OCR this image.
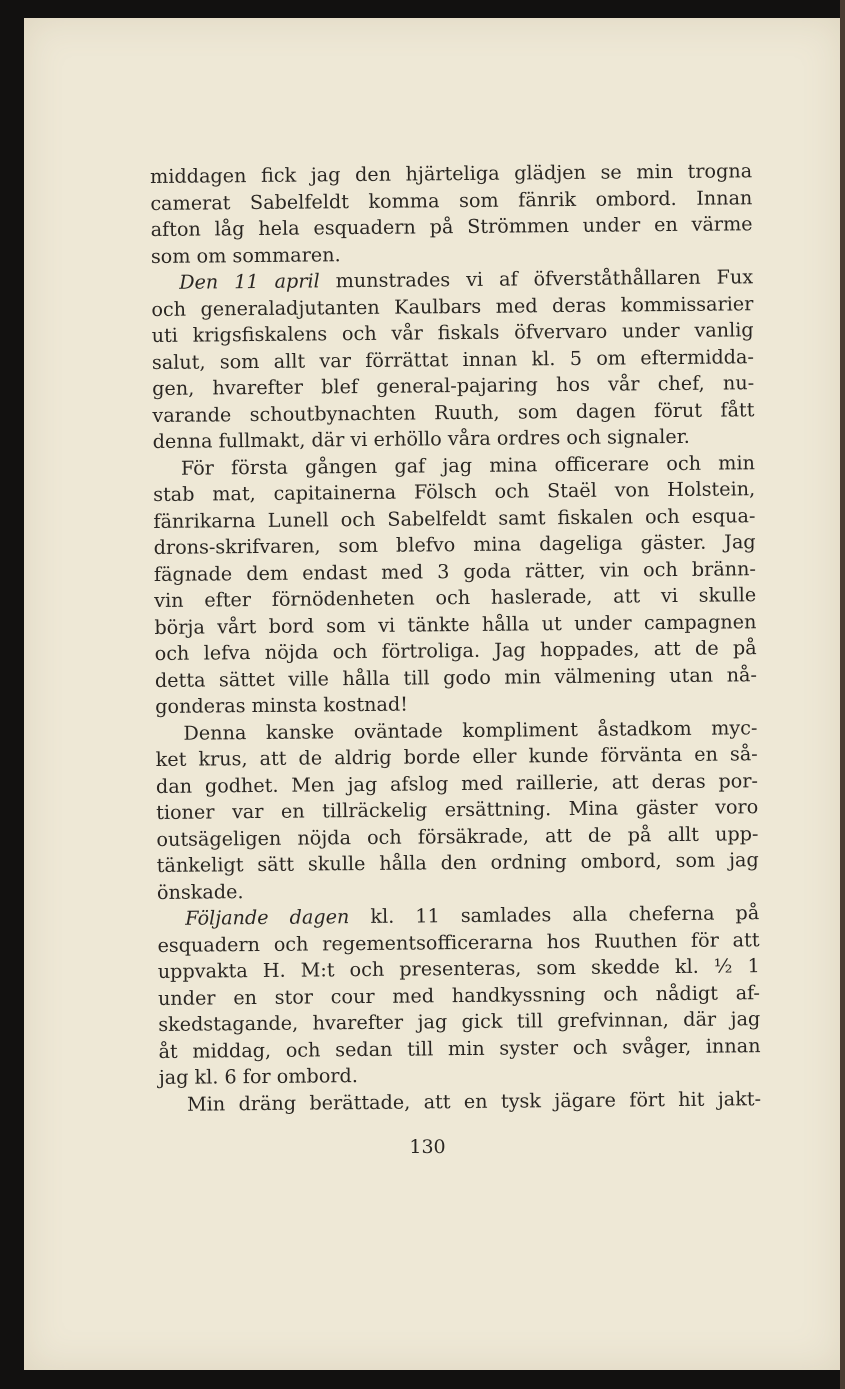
middagen fick jag den hjärteliga glädjen se min trogna
camerat Sabelfeldt komma som fänrik ombord. Innan
afton låg hela esquadern på Strömmen under en värme
som om sommaren.
Den 11 april munstrades vi af öfverståthållaren Fux
och generaladjutanten Kaulbars med deras kommissarier
uti krigsfiskalens och vår fiskals öfvervaro under vanlig
salut, som allt var förrättat innan kl. 5 om eftermidda-
gen, hvarefter blef general-pajaring hos vår chef, nu-
varande schoutbynachten Ruuth, som dagen förut fått
denna fullmakt, där vi erhöllo våra ordres och signaler.
För första gången gaf jag mina officerare och min
stab mat, capitainerna Fölsch och Staël von Holstein,
fänrikarna Lunell och Sabelfeldt samt fiskalen och esqua-
drons-skrifvaren, som blefvo mina dageliga gäster. Jag
fägnade dem endast med 3 goda rätter, vin och bränn-
vin efter förnödenheten och haslerade, att vi skulle
börja vårt bord som vi tänkte hålla ut under campagnen
och lefva nöjda och förtroliga. Jag hoppades, att de på
detta sättet ville hålla till godo min välmening utan nå-
gonderas minsta kostnad!
Denna kanske oväntade kompliment åstadkom myc-
ket krus, att de aldrig borde eller kunde förvänta en så-
dan godhet. Men jag afslog med raillerie, att deras por-
tioner var en tillräckelig ersättning. Mina gäster voro
outsägeligen nöjda och försäkrade, att de på allt upp-
tänkeligt sätt skulle hålla den ordning ombord, som jag
önskade.
Följande dagen kl. 11 samlades alla cheferna på
esquadern och regementsofficerarna hos Ruuthen för att
uppvakta H. M:t och presenteras, som skedde kl. ½ 1
under en stor cour med handkyssning och nådigt af-
skedstagande, hvarefter jag gick till grefvinnan, där jag
åt middag, och sedan till min syster och svåger, innan
jag kl. 6 for ombord.
Min dräng berättade, att en tysk jägare fört hit jakt-
130
